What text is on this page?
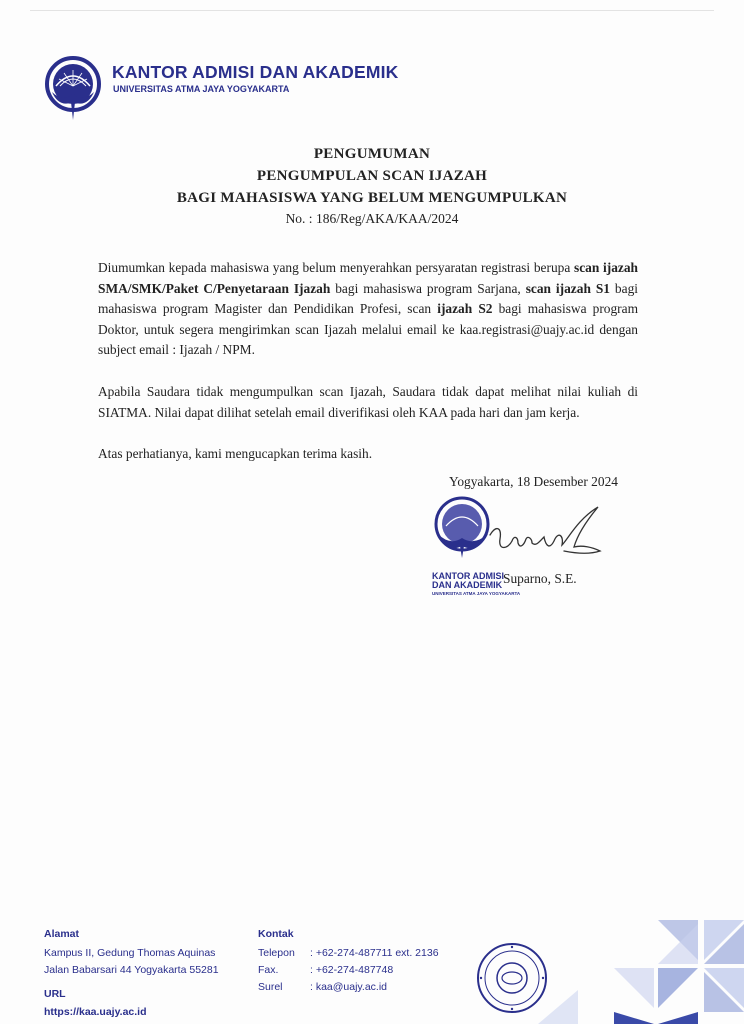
KANTOR ADMISI DAN AKADEMIK

UNIVERSITAS ATMA JAYA YOGYAKARTA

PENGUMUMAN
PENGUMPULAN SCAN IJAZAH
BAGI MAHASISWA YANG BELUM MENGUMPULKAN
No. : 186/Reg/AKA/KAA/2024

Diumumkan kepada mahasiswa yang belum menyerahkan persyaratan registrasi berupa scan ijazah SMA/SMK/Paket C/Penyetaraan Ijazah bagi mahasiswa program Sarjana, scan ijazah S1 bagi mahasiswa program Magister dan Pendidikan Profesi, scan ijazah S2 bagi mahasiswa program Doktor, untuk segera mengirimkan scan Ijazah melalui email ke kaa.registrasi@uajy.ac.id dengan subject email : Ijazah / NPM.

Apabila Saudara tidak mengumpulkan scan Ijazah, Saudara tidak dapat melihat nilai kuliah di SIATMA. Nilai dapat dilihat setelah email diverifikasi oleh KAA pada hari dan jam kerja.

Atas perhatianya, kami mengucapkan terima kasih.

Yogyakarta, 18 Desember 2024
KANTOR ADMISI
DAN AKADEMIK
UNIVERSITAS ATMA JAYA YOGYAKARTA
Suparno, S.E.
Alamat
Kampus II, Gedung Thomas Aquinas
Jalan Babarsari 44 Yogyakarta 55281
URL
https://kaa.uajy.ac.id
Kontak
Telepon : +62-274-487711 ext. 2136
Fax.	: +62-274-487748
Surel	: kaa@uajy.ac.id
